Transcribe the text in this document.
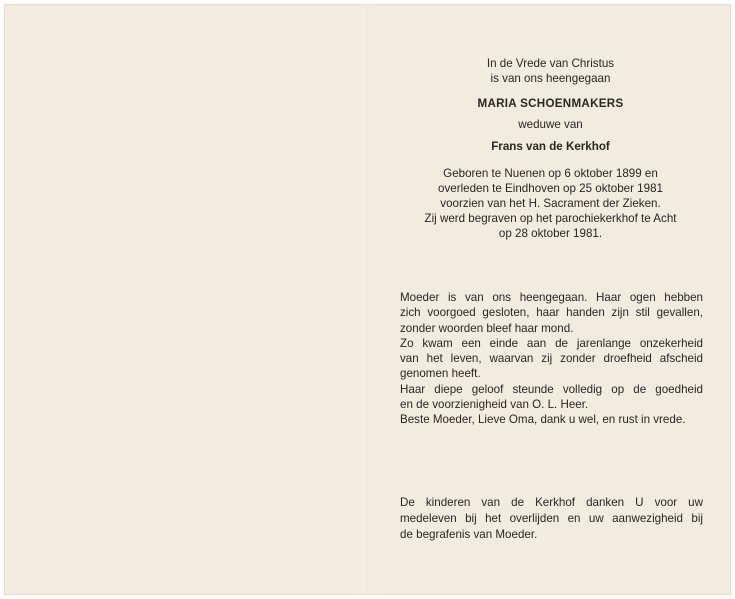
In de Vrede van Christus

is van ons heengegaan

MARIA SCHOENMAKERS

weduwe van

Frans van de Kerkhof

Geboren te Nuenen op 6 oktober 1899 en

overleden te Eindhoven op 25 oktober 1981

voorzien van het H. Sacrament der Zieken.

Zij werd begraven op het parochiekerkhof te Acht

op 28 oktober 1981.

Moeder is van ons heengegaan. Haar ogen hebben

zich voorgoed gesloten, haar handen zijn stil gevallen,

zonder woorden bleef haar mond.

Zo kwam een einde aan de jarenlange onzekerheid

van het leven, waarvan zij zonder droefheid afscheid

genomen heeft.

Haar diepe geloof steunde volledig op de goedheid

en de voorzienigheid van O. L. Heer.

Beste Moeder, Lieve Oma, dank u wel, en rust in vrede.

De kinderen van de Kerkhof danken U voor uw

medeleven bij het overlijden en uw aanwezigheid bij

de begrafenis van Moeder.
